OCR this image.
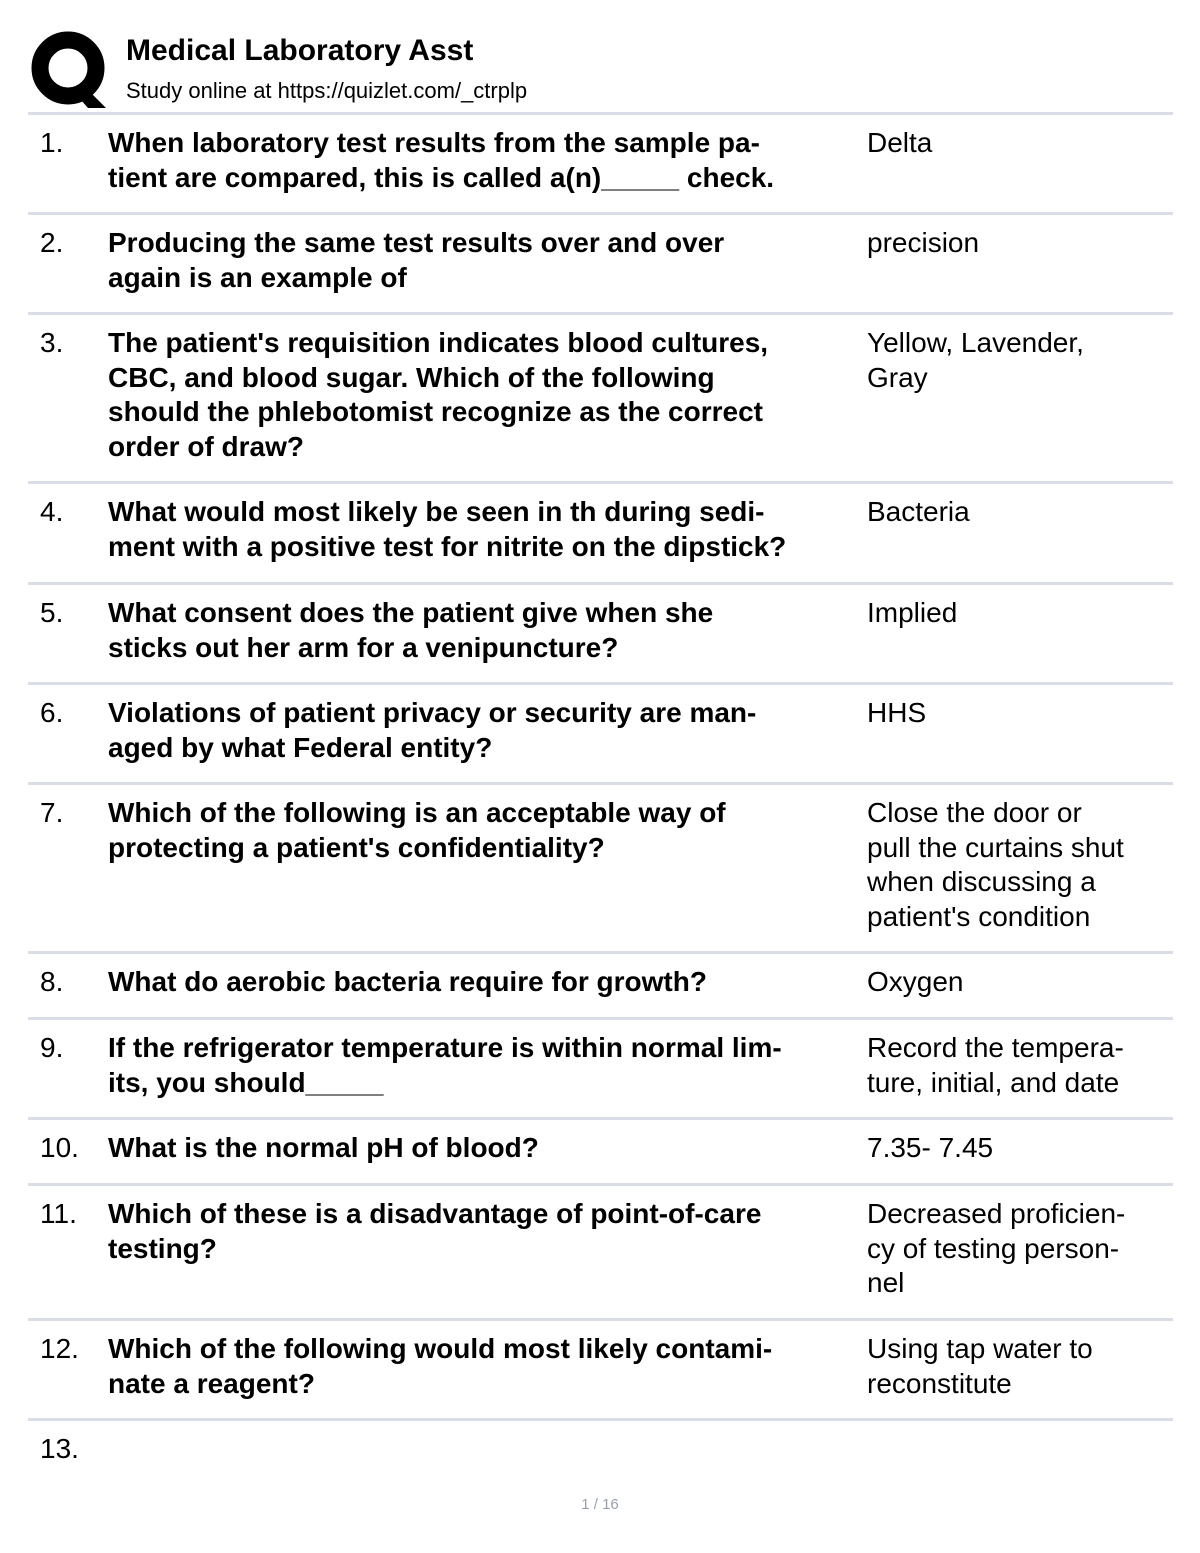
Medical Laboratory Asst
Study online at https://quizlet.com/_ctrplp
1. When laboratory test results from the sample pa-
tient are compared, this is called a(n)_____ check.
Delta
2. Producing the same test results over and over
again is an example of
precision
3. The patient's requisition indicates blood cultures,
CBC, and blood sugar. Which of the following
should the phlebotomist recognize as the correct
order of draw?
Yellow, Lavender,
Gray
4. What would most likely be seen in th during sedi-
ment with a positive test for nitrite on the dipstick?
Bacteria
5. What consent does the patient give when she
sticks out her arm for a venipuncture?
Implied
6. Violations of patient privacy or security are man-
aged by what Federal entity?
HHS
7. Which of the following is an acceptable way of
protecting a patient's confidentiality?
Close the door or
pull the curtains shut
when discussing a
patient's condition
8. What do aerobic bacteria require for growth?	Oxygen
9. If the refrigerator temperature is within normal lim-
its, you should_____
Record the tempera-
ture, initial, and date
10. What is the normal pH of blood?	7.35- 7.45
11. Which of these is a disadvantage of point-of-care
testing?
Decreased proficien-
cy of testing person-
nel
12. Which of the following would most likely contami-
nate a reagent?
Using tap water to
reconstitute
13.
1 / 16
